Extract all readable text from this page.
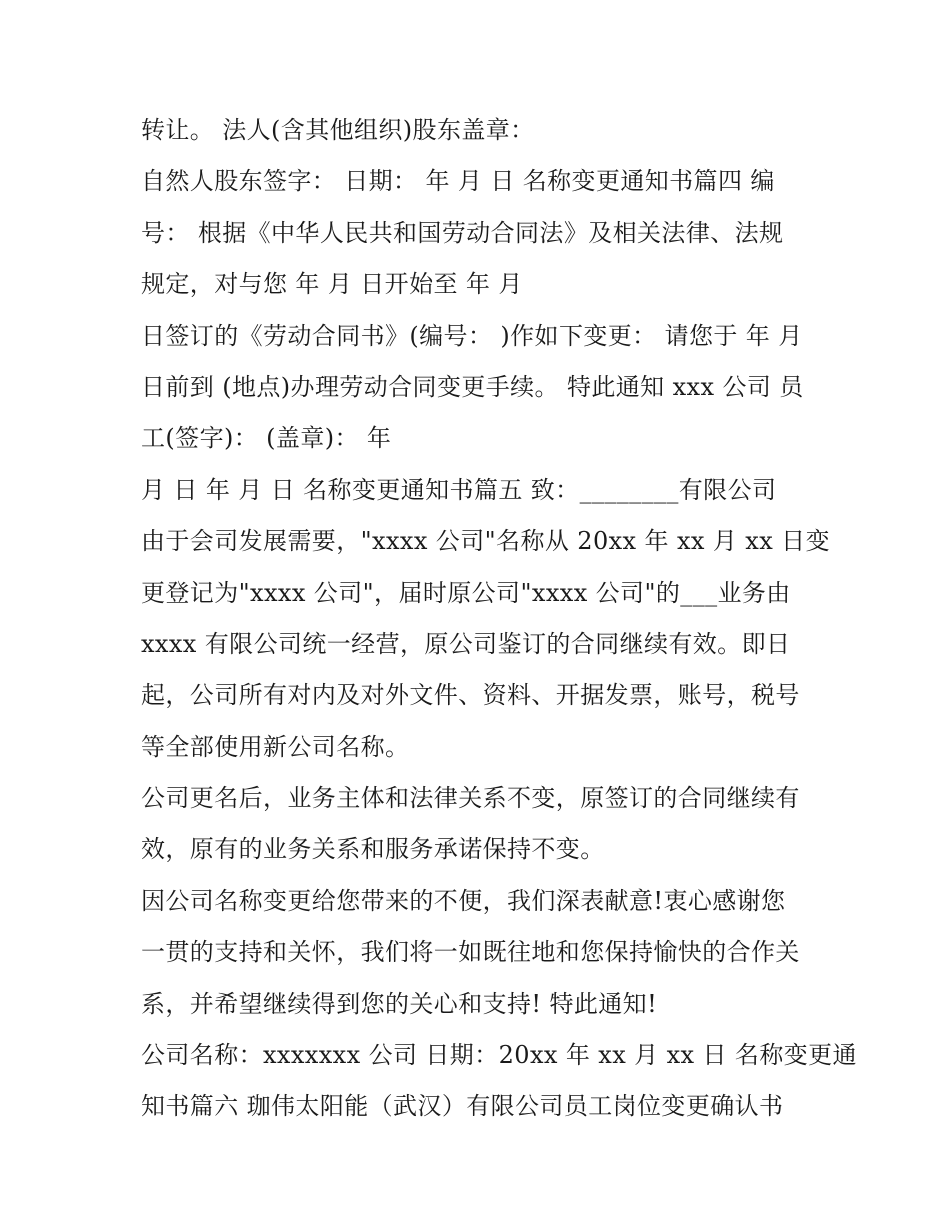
转让。 法人(含其他组织)股东盖章：
自然人股东签字： 日期： 年 月 日 名称变更通知书篇四 编
号： 根据《中华人民共和国劳动合同法》及相关法律、法规
规定，对与您 年 月 日开始至 年 月
日签订的《劳动合同书》(编号： )作如下变更： 请您于 年 月
日前到 (地点)办理劳动合同变更手续。 特此通知 xxx 公司 员
工(签字)： (盖章)： 年
月 日 年 月 日 名称变更通知书篇五 致：________有限公司
由于会司发展需要，"xxxx 公司"名称从 20xx 年 xx 月 xx 日变
更登记为"xxxx 公司"，届时原公司"xxxx 公司"的___业务由
xxxx 有限公司统一经营，原公司鉴订的合同继续有效。即日
起，公司所有对内及对外文件、资料、开据发票，账号，税号
等全部使用新公司名称。
公司更名后，业务主体和法律关系不变，原签订的合同继续有
效，原有的业务关系和服务承诺保持不变。
因公司名称变更给您带来的不便，我们深表献意!衷心感谢您
一贯的支持和关怀，我们将一如既往地和您保持愉快的合作关
系，并希望继续得到您的关心和支持! 特此通知!
公司名称：xxxxxxx 公司 日期：20xx 年 xx 月 xx 日 名称变更通
知书篇六 珈伟太阳能（武汉）有限公司员工岗位变更确认书
